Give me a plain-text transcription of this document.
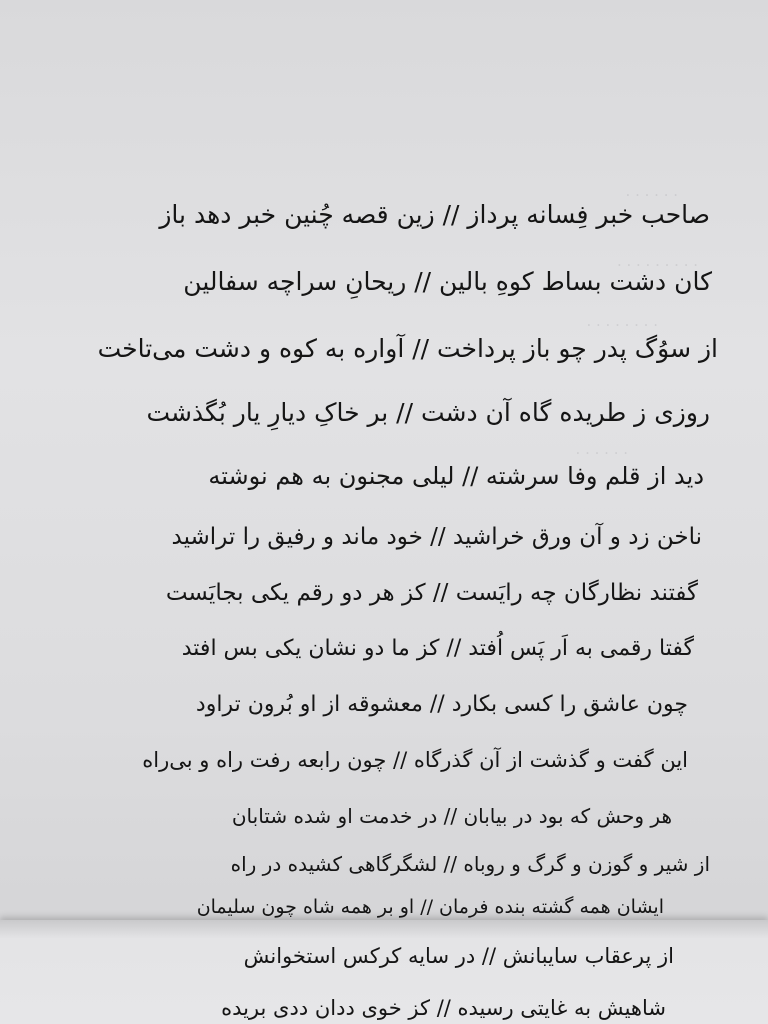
. . . . . .
. . . . . . . . .
. . . . . . . .
. . . . . .
صاحب خبر فِسانه پرداز // زین قصه چُنین خبر دهد باز
کان دشت بساط کوهِ بالین // ریحانِ سراچه سفالین
از سوُگ پدر چو باز پرداخت // آواره به کوه و دشت می‌تاخت
روزی ز طریده گاه آن دشت // بر خاکِ دیارِ یار بُگذشت
دید از قلم وفا سرشته // لیلی مجنون به هم نوشته
ناخن زد و آن ورق خراشید // خود ماند و رفیق را تراشید
گفتند نظارگان چه رایَست // کز هر دو رقم یکی بجایَست
گفتا رقمی به اَر پَس اُفتد // کز ما دو نشان یکی بس افتد
چون عاشق را کسی بکارد // معشوقه از او بُرون تراود
این گفت و گذشت از آن گذرگاه // چون رابعه رفت راه و بی‌راه
هر وحش که بود در بیابان // در خدمت او شده شتابان
از شیر و گوزن و گرگ و روباه // لشگرگاهی کشیده در راه
ایشان همه گشته بنده فرمان // او بر همه شاه چون سلیمان
از پرعقاب سایبانش // در سایه کرکس استخوانش
شاهیش به غایتی رسیده // کز خوی ددان ددی بریده
